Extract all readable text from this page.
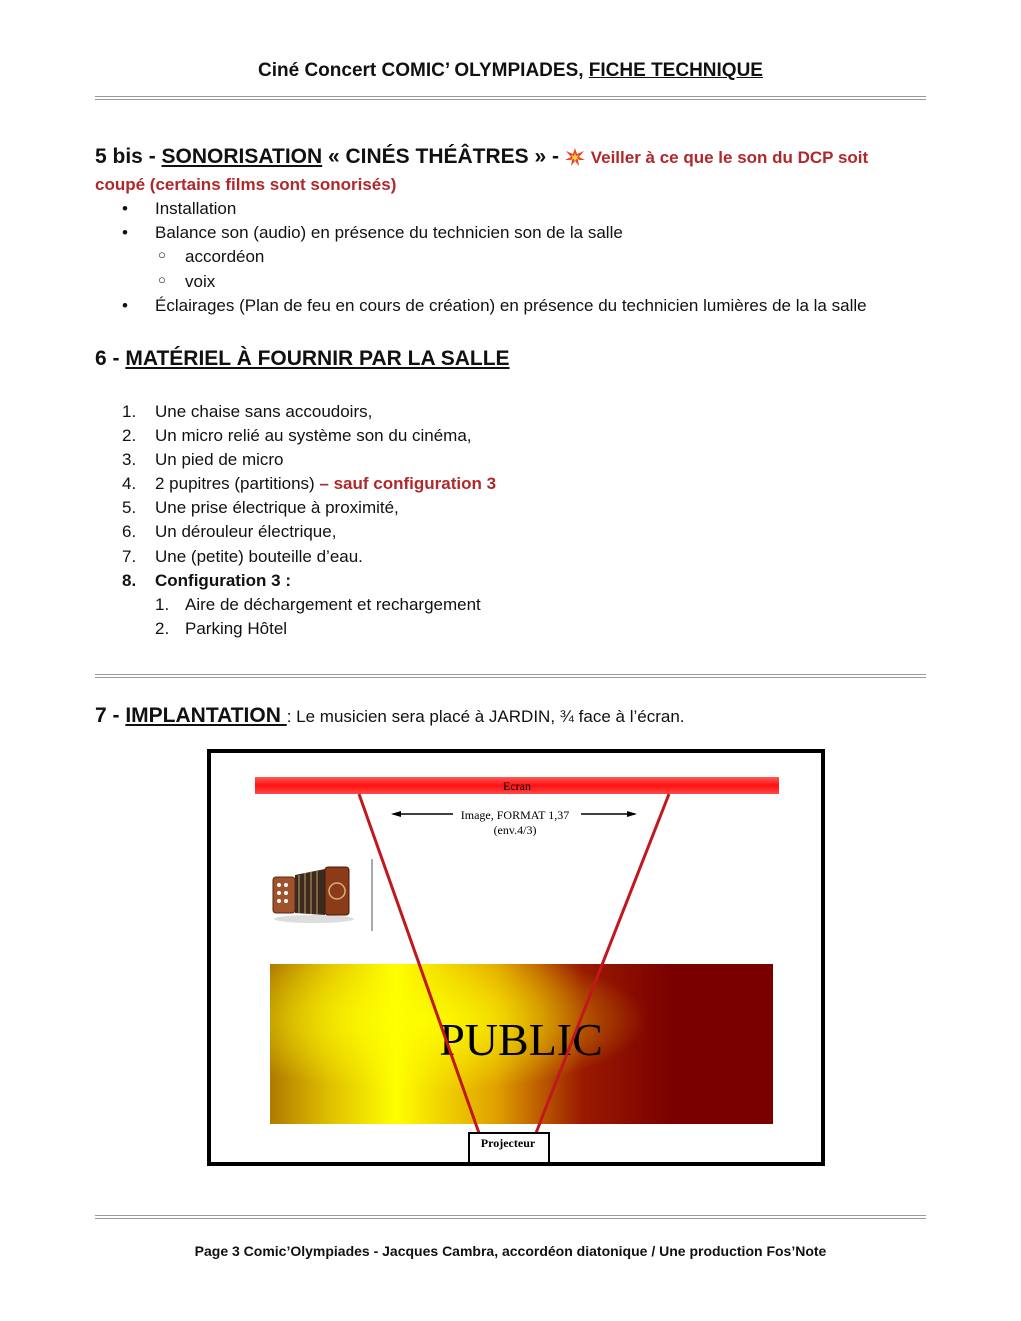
Ciné Concert COMIC’ OLYMPIADES, FICHE TECHNIQUE
5 bis - SONORISATION « CINÉS THÉÂTRES » -  Veiller à ce que le son du DCP soit
coupé (certains films sont sonorisés)
• Installation
• Balance son (audio) en présence du technicien son de la salle
○ accordéon
○ voix
• Éclairages (Plan de feu en cours de création) en présence du technicien lumières de la la salle
6 - MATÉRIEL À FOURNIR PAR LA SALLE
1. Une chaise sans accoudoirs,
2. Un micro relié au système son du cinéma,
3. Un pied de micro
4. 2 pupitres (partitions) – sauf configuration 3
5. Une prise électrique à proximité,
6. Un dérouleur électrique,
7. Une (petite) bouteille d’eau.
8. Configuration 3 :
1. Aire de déchargement et rechargement
2. Parking Hôtel
7 - IMPLANTATION : Le musicien sera placé à JARDIN, ¾ face à l’écran.
Ecran
PUBLIC
Image, FORMAT 1,37
(env.4/3)
Projecteur
Page 3 Comic’Olympiades - Jacques Cambra, accordéon diatonique / Une production Fos’Note
